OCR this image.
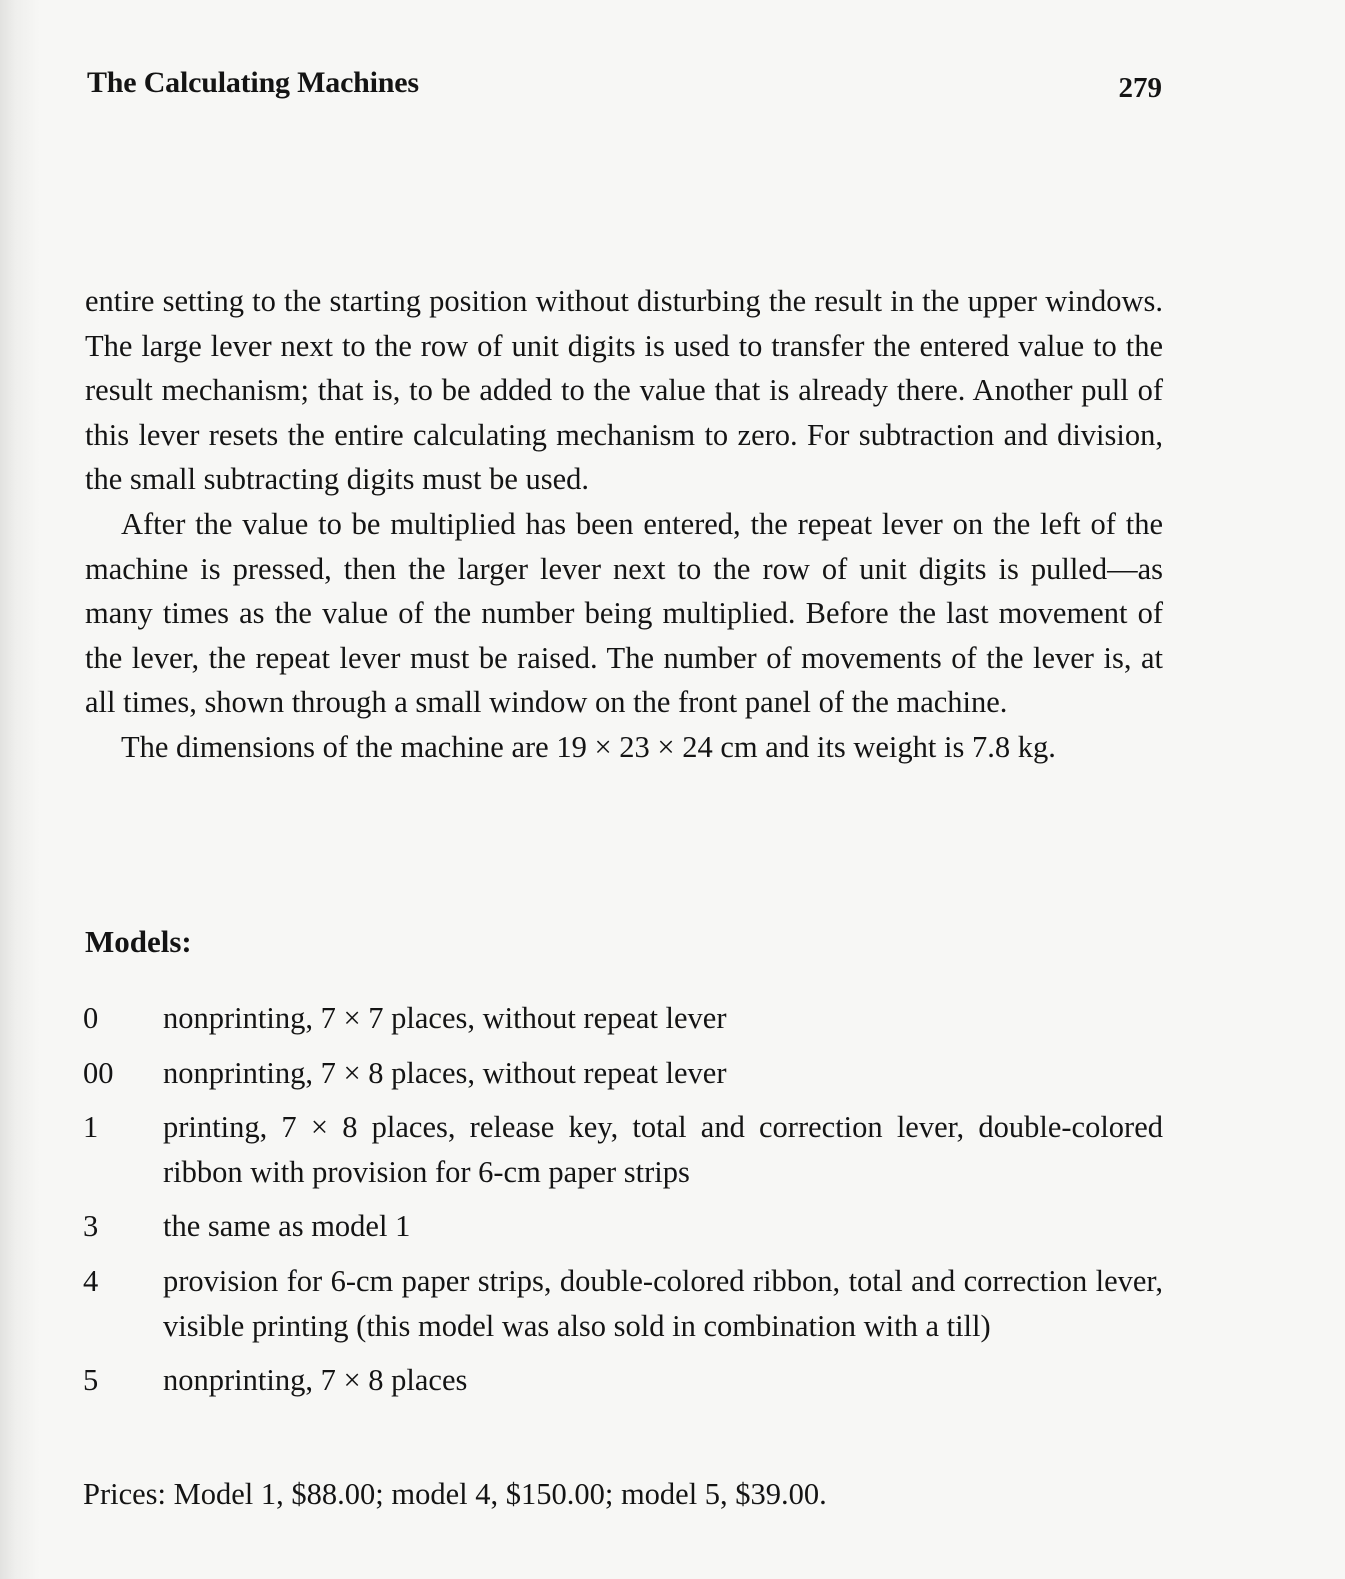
The Calculating Machines	279

entire setting to the starting position without disturbing the result in the upper windows. The large lever next to the row of unit digits is used to transfer the entered value to the result mechanism; that is, to be added to the value that is already there. Another pull of this lever resets the entire calculating mechanism to zero. For subtraction and division, the small subtracting digits must be used.

After the value to be multiplied has been entered, the repeat lever on the left of the machine is pressed, then the larger lever next to the row of unit digits is pulled—as many times as the value of the number being multiplied. Before the last movement of the lever, the repeat lever must be raised. The number of movements of the lever is, at all times, shown through a small window on the front panel of the machine.

The dimensions of the machine are 19 × 23 × 24 cm and its weight is 7.8 kg.

Models:
0	nonprinting, 7 × 7 places, without repeat lever
00	nonprinting, 7 × 8 places, without repeat lever
1	printing, 7 × 8 places, release key, total and correction lever, double-colored ribbon with provision for 6-cm paper strips
3	the same as model 1
4	provision for 6-cm paper strips, double-colored ribbon, total and correction lever, visible printing (this model was also sold in combination with a till)
5	nonprinting, 7 × 8 places
Prices: Model 1, $88.00; model 4, $150.00; model 5, $39.00.
